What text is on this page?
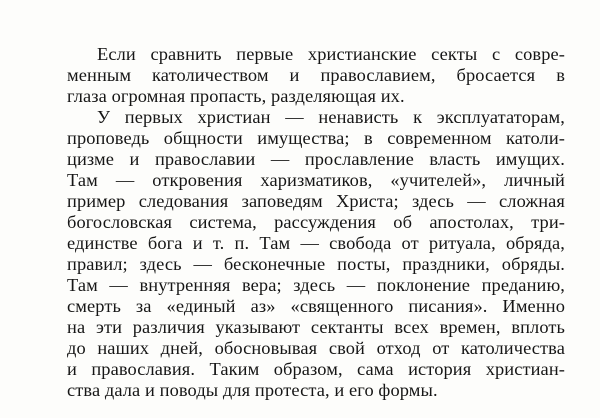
Если сравнить первые христианские секты с совре-
менным католичеством и православием, бросается в
глаза огромная пропасть, разделяющая их.
У первых христиан — ненависть к эксплуататорам,
проповедь общности имущества; в современном католи-
цизме и православии — прославление власть имущих.
Там — откровения харизматиков, «учителей», личный
пример следования заповедям Христа; здесь — сложная
богословская система, рассуждения об апостолах, три-
единстве бога и т. п. Там — свобода от ритуала, обряда,
правил; здесь — бесконечные посты, праздники, обряды.
Там — внутренняя вера; здесь — поклонение преданию,
смерть за «единый аз» «священного писания». Именно
на эти различия указывают сектанты всех времен, вплоть
до наших дней, обосновывая свой отход от католичества
и православия. Таким образом, сама история христиан-
ства дала и поводы для протеста, и его формы.
